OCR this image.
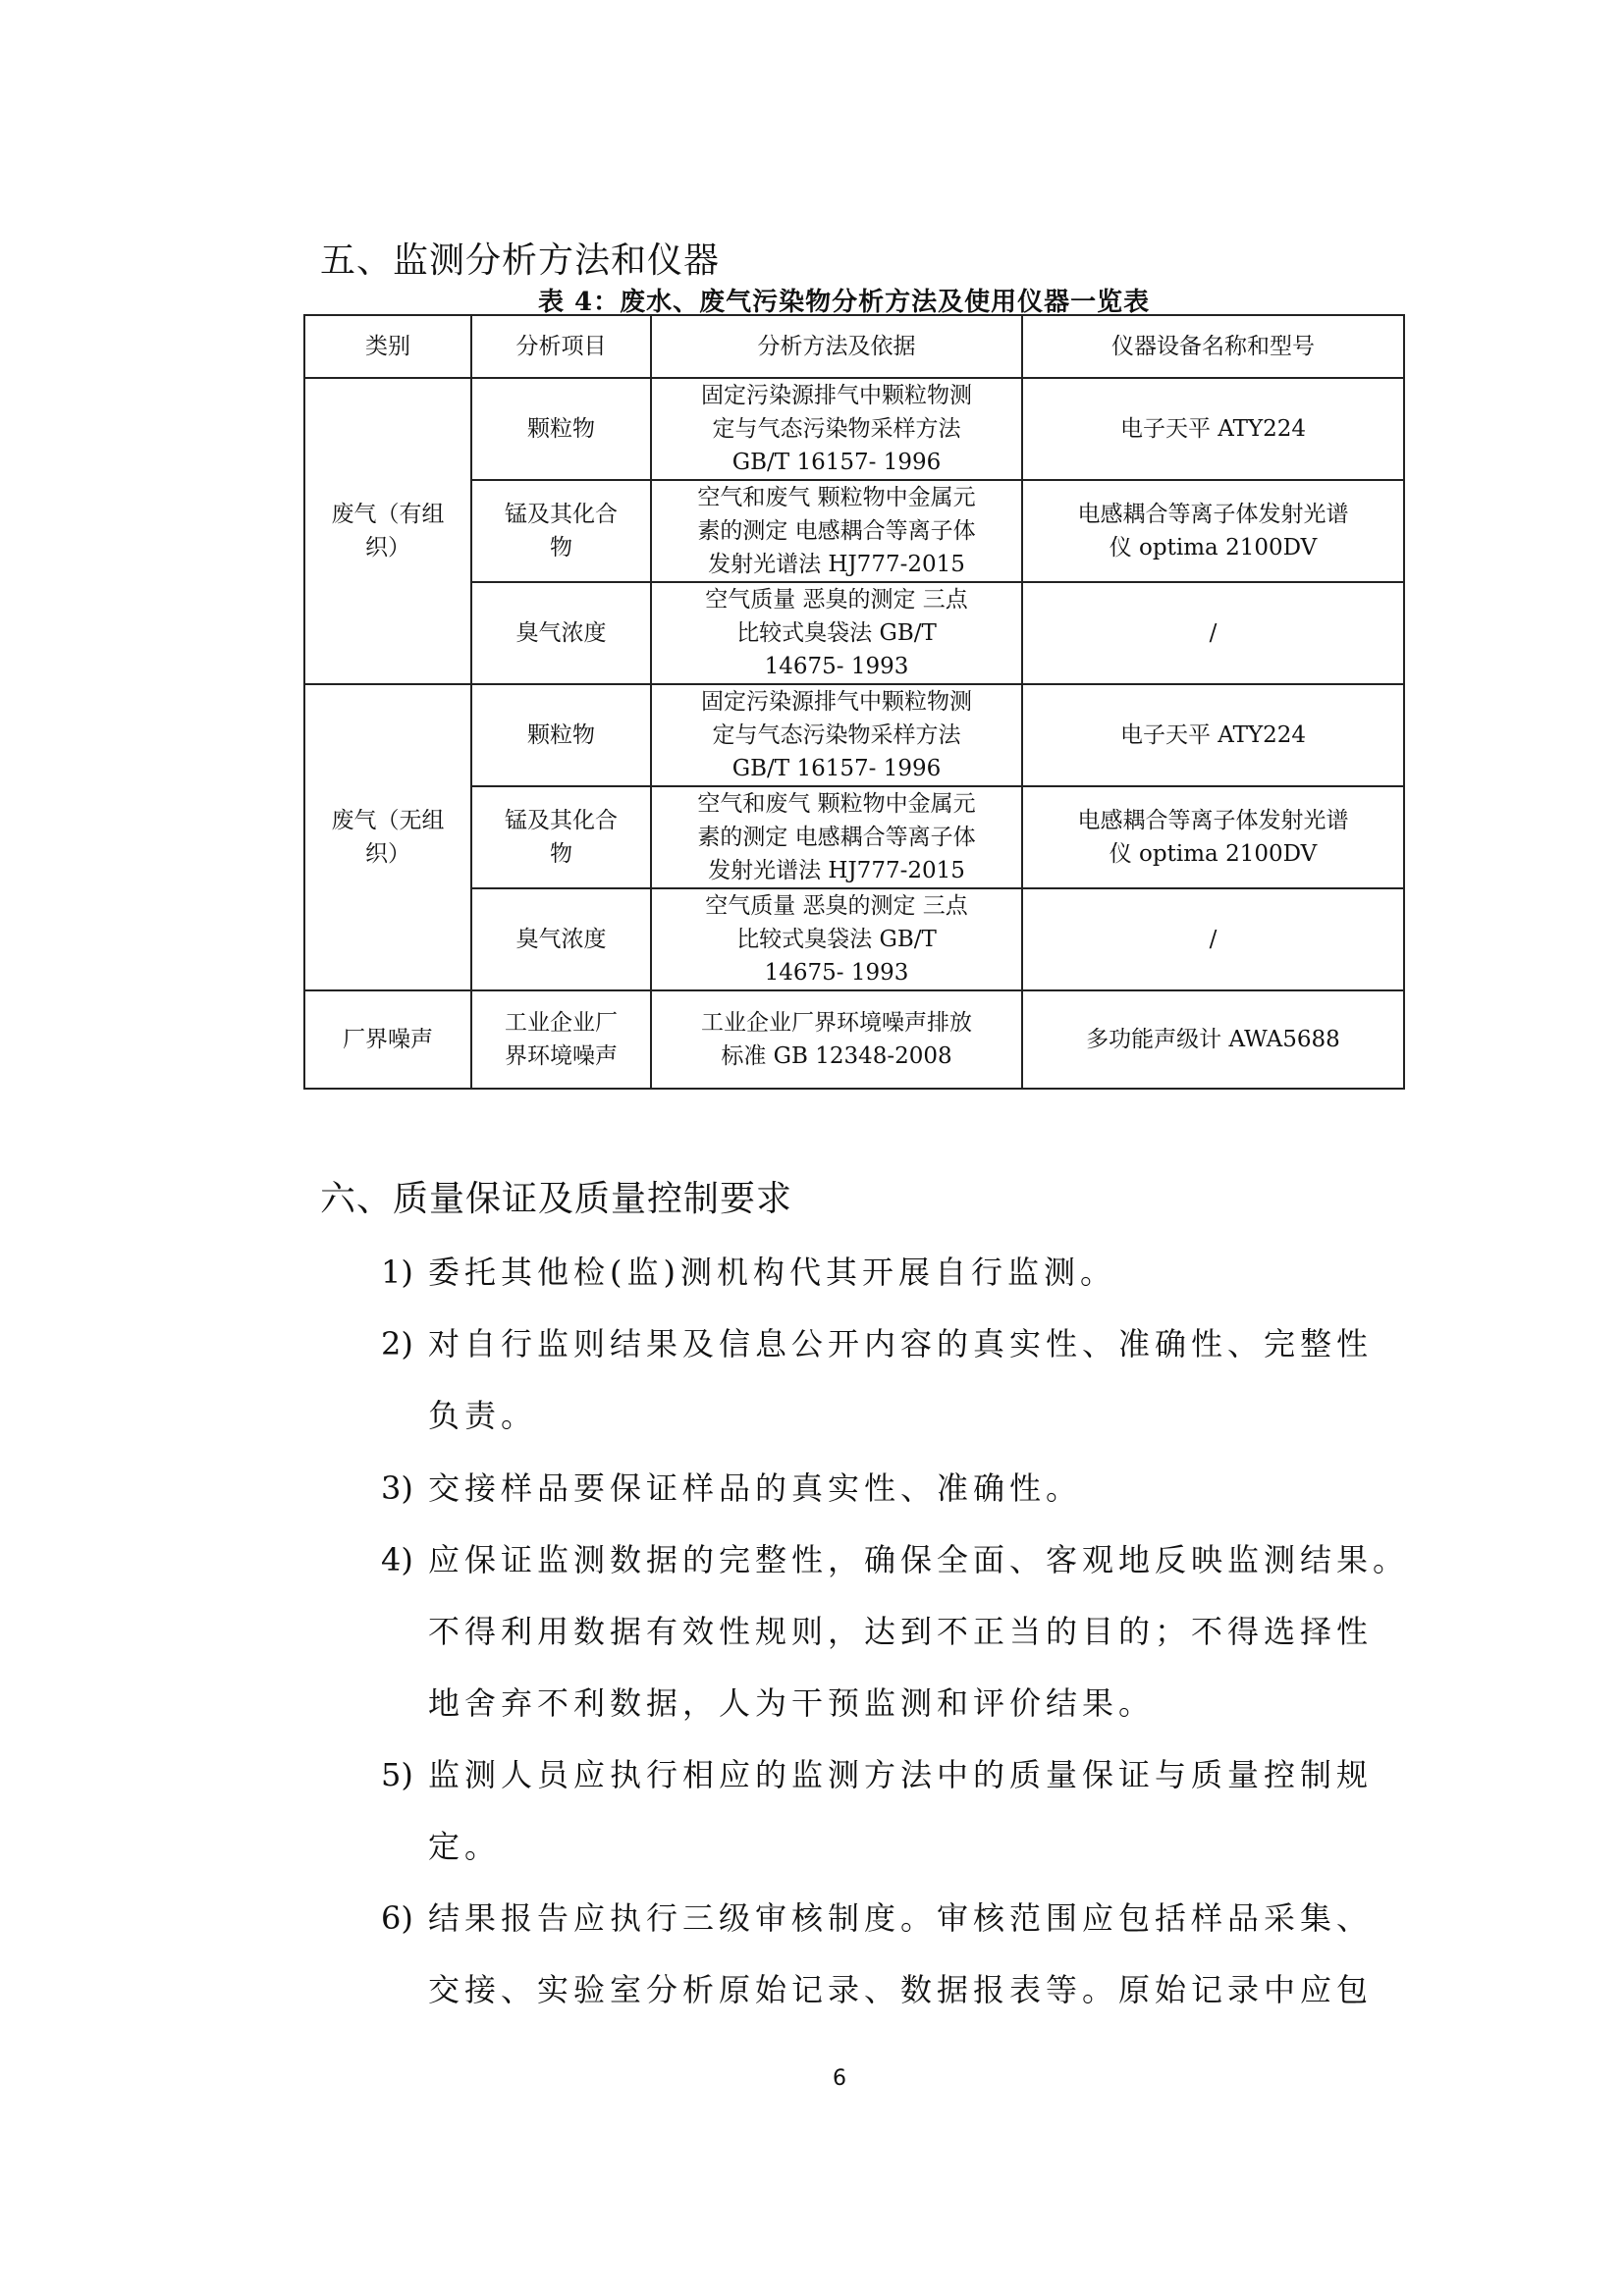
五、监测分析方法和仪器
表 4：废水、废气污染物分析方法及使用仪器一览表
类别	分析项目	分析方法及依据	仪器设备名称和型号

废气（有组
织）	颗粒物	固定污染源排气中颗粒物测
定与气态污染物采样方法
GB/T 16157- 1996	电子天平 ATY224

	锰及其化合
物	空气和废气 颗粒物中金属元
素的测定 电感耦合等离子体
发射光谱法 HJ777-2015	电感耦合等离子体发射光谱
仪 optima 2100DV

	臭气浓度	空气质量 恶臭的测定 三点
比较式臭袋法 GB/T
14675- 1993	/

废气（无组
织）	颗粒物	固定污染源排气中颗粒物测
定与气态污染物采样方法
GB/T 16157- 1996	电子天平 ATY224

	锰及其化合
物	空气和废气 颗粒物中金属元
素的测定 电感耦合等离子体
发射光谱法 HJ777-2015	电感耦合等离子体发射光谱
仪 optima 2100DV

	臭气浓度	空气质量 恶臭的测定 三点
比较式臭袋法 GB/T
14675- 1993	/

厂界噪声	工业企业厂
界环境噪声	工业企业厂界环境噪声排放
标准 GB 12348-2008	多功能声级计 AWA5688
六、质量保证及质量控制要求
1) 委托其他检(监)测机构代其开展自行监测。
2) 对自行监则结果及信息公开内容的真实性、准确性、完整性
负责。
3) 交接样品要保证样品的真实性、准确性。
4) 应保证监测数据的完整性，确保全面、客观地反映监测结果。
不得利用数据有效性规则，达到不正当的目的；不得选择性
地舍弃不利数据，人为干预监测和评价结果。
5) 监测人员应执行相应的监测方法中的质量保证与质量控制规
定。
6) 结果报告应执行三级审核制度。审核范围应包括样品采集、
交接、实验室分析原始记录、数据报表等。原始记录中应包
6
